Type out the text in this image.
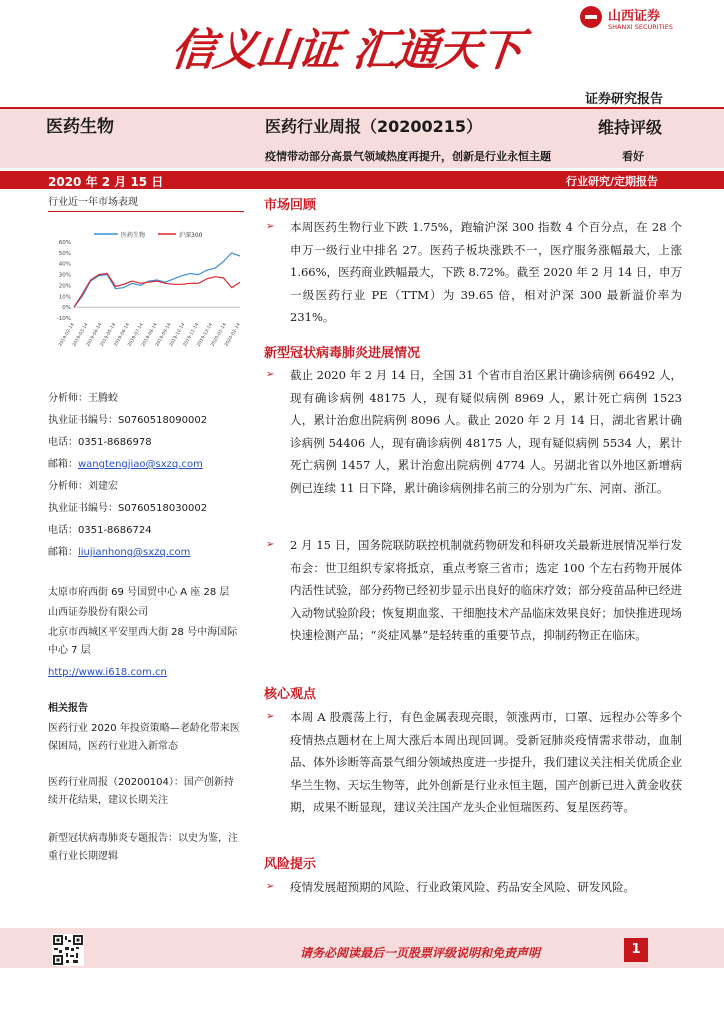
信义山证 汇通天下
山西证券
SHANXI SECURITIES
证券研究报告
医药生物	医药行业周报（20200215）	维持评级
疫情带动部分高景气领域热度再提升，创新是行业永恒主题	看好
2020 年 2 月 15 日	行业研究/定期报告
行业近一年市场表现
医药生物	沪深300
60%
50%
40%
30%
20%
10%
0%
-10%
2019-02-14
2019-03-14
2019-04-14
2019-05-14
2019-06-14
2019-07-14
2019-08-14
2019-09-14
2019-10-14
2019-11-14
2019-12-14
2020-01-14
2020-02-14
分析师：王腾蛟
执业证书编号：S0760518090002
电话：0351-8686978
邮箱：wangtengjiao@sxzq.com
分析师：刘建宏
执业证书编号：S0760518030002
电话：0351-8686724
邮箱：liujianhong@sxzq.com
太原市府西街 69 号国贸中心 A 座 28 层
山西证券股份有限公司
北京市西城区平安里西大街 28 号中海国际中心 7 层
http://www.i618.com.cn
相关报告
医药行业 2020 年投资策略—老龄化带来医保困局，医药行业进入新常态
医药行业周报（20200104）：国产创新持续开花结果，建议长期关注
新型冠状病毒肺炎专题报告：以史为鉴，注重行业长期逻辑
市场回顾
➢ 本周医药生物行业下跌 1.75%，跑输沪深 300 指数 4 个百分点，在 28 个申万一级行业中排名 27。医药子板块涨跌不一，医疗服务涨幅最大，上涨 1.66%，医药商业跌幅最大，下跌 8.72%。截至 2020 年 2 月 14 日，申万一级医药行业 PE（TTM）为 39.65 倍，相对沪深 300 最新溢价率为 231%。
新型冠状病毒肺炎进展情况
➢ 截止 2020 年 2 月 14 日，全国 31 个省市自治区累计确诊病例 66492 人，现有确诊病例 48175 人，现有疑似病例 8969 人，累计死亡病例 1523 人，累计治愈出院病例 8096 人。截止 2020 年 2 月 14 日，湖北省累计确诊病例 54406 人，现有确诊病例 48175 人，现有疑似病例 5534 人，累计死亡病例 1457 人，累计治愈出院病例 4774 人。另湖北省以外地区新增病例已连续 11 日下降，累计确诊病例排名前三的分别为广东、河南、浙江。
➢ 2 月 15 日，国务院联防联控机制就药物研发和科研攻关最新进展情况举行发布会：世卫组织专家将抵京，重点考察三省市；选定 100 个左右药物开展体内活性试验，部分药物已经初步显示出良好的临床疗效；部分疫苗品种已经进入动物试验阶段；恢复期血浆、干细胞技术产品临床效果良好；加快推进现场快速检测产品；“炎症风暴”是轻转重的重要节点，抑制药物正在临床。
核心观点
➢ 本周 A 股震荡上行，有色金属表现亮眼，领涨两市，口罩、远程办公等多个疫情热点题材在上周大涨后本周出现回调。受新冠肺炎疫情需求带动，血制品、体外诊断等高景气细分领域热度进一步提升，我们建议关注相关优质企业华兰生物、天坛生物等，此外创新是行业永恒主题，国产创新已进入黄金收获期，成果不断显现，建议关注国产龙头企业恒瑞医药、复星医药等。
风险提示
➢ 疫情发展超预期的风险、行业政策风险、药品安全风险、研发风险。
请务必阅读最后一页股票评级说明和免责声明	1
